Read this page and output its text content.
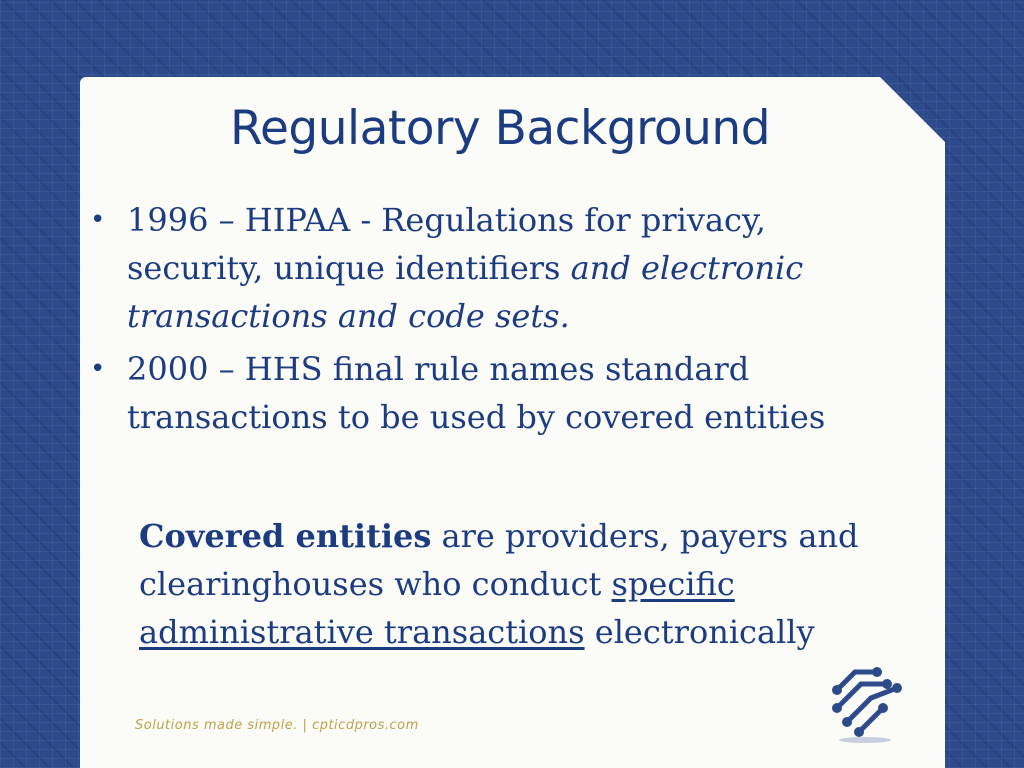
Regulatory Background
• 1996 – HIPAA - Regulations for privacy, security, unique identifiers and electronic transactions and code sets.
• 2000 – HHS final rule names standard transactions to be used by covered entities

Covered entities are providers, payers and clearinghouses who conduct specific administrative transactions electronically

Solutions made simple. | cpticdpros.com
